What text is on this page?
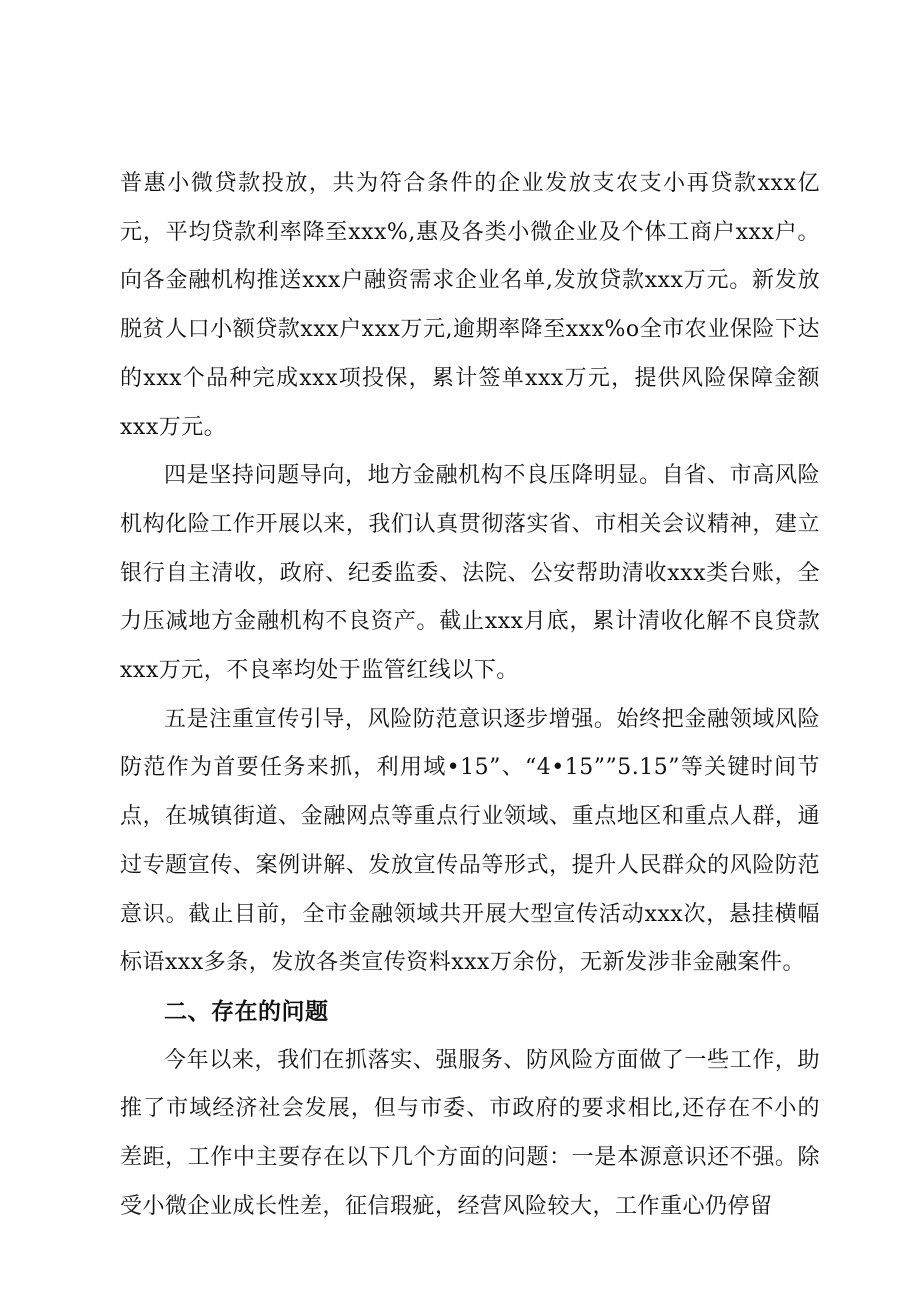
普惠小微贷款投放，共为符合条件的企业发放支农支小再贷款xxx亿元，平均贷款利率降至xxx%,惠及各类小微企业及个体工商户xxx户。向各金融机构推送xxx户融资需求企业名单,发放贷款xxx万元。新发放脱贫人口小额贷款xxx户xxx万元,逾期率降至xxx%o全市农业保险下达的xxx个品种完成xxx项投保，累计签单xxx万元，提供风险保障金额xxx万元。

四是坚持问题导向，地方金融机构不良压降明显。自省、市高风险机构化险工作开展以来，我们认真贯彻落实省、市相关会议精神，建立银行自主清收，政府、纪委监委、法院、公安帮助清收xxx类台账，全力压减地方金融机构不良资产。截止xxx月底，累计清收化解不良贷款xxx万元，不良率均处于监管红线以下。

五是注重宣传引导，风险防范意识逐步增强。始终把金融领域风险防范作为首要任务来抓，利用域•15”、“4•15””5.15”等关键时间节点，在城镇街道、金融网点等重点行业领域、重点地区和重点人群，通过专题宣传、案例讲解、发放宣传品等形式，提升人民群众的风险防范意识。截止目前，全市金融领域共开展大型宣传活动xxx次，悬挂横幅标语xxx多条，发放各类宣传资料xxx万余份，无新发涉非金融案件。

二、存在的问题

今年以来，我们在抓落实、强服务、防风险方面做了一些工作，助推了市域经济社会发展，但与市委、市政府的要求相比,还存在不小的差距，工作中主要存在以下几个方面的问题：一是本源意识还不强。除受小微企业成长性差，征信瑕疵，经营风险较大，工作重心仍停留
